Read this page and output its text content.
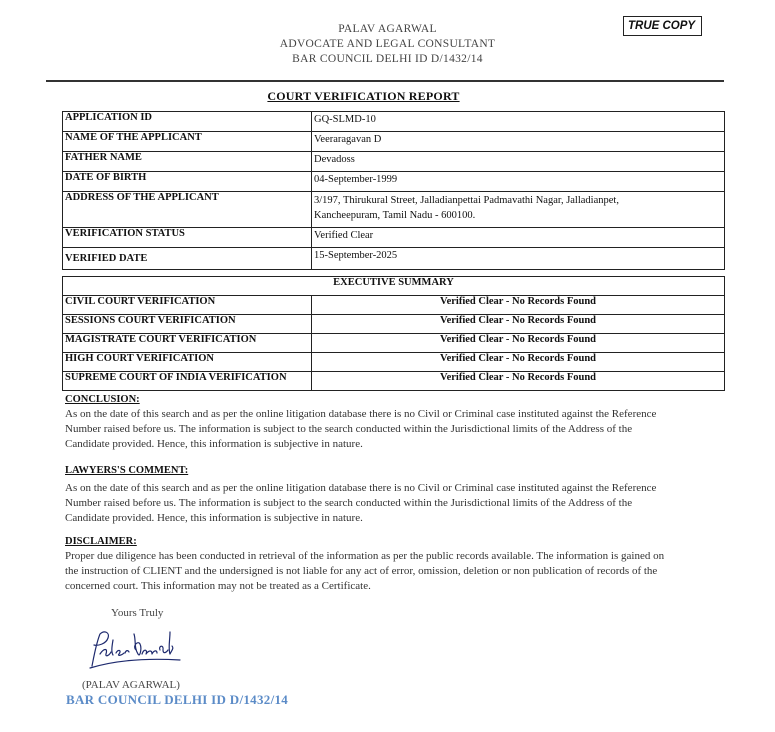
PALAV AGARWAL
ADVOCATE AND LEGAL CONSULTANT
BAR COUNCIL DELHI ID D/1432/14
TRUE COPY
COURT VERIFICATION REPORT
APPLICATION ID	GQ-SLMD-10
NAME OF THE APPLICANT	Veeraragavan D
FATHER NAME	Devadoss
DATE OF BIRTH	04-September-1999
ADDRESS OF THE APPLICANT	3/197, Thirukural Street, Jalladianpettai Padmavathi Nagar, Jalladianpet,
Kancheepuram, Tamil Nadu - 600100.

VERIFICATION STATUS	Verified Clear
VERIFIED DATE	15-September-2025
EXECUTIVE SUMMARY	
CIVIL COURT VERIFICATION	Verified Clear - No Records Found
SESSIONS COURT VERIFICATION	Verified Clear - No Records Found
MAGISTRATE COURT VERIFICATION	Verified Clear - No Records Found
HIGH COURT VERIFICATION	Verified Clear - No Records Found
SUPREME COURT OF INDIA VERIFICATION	Verified Clear - No Records Found
CONCLUSION:

As on the date of this search and as per the online litigation database there is no Civil or Criminal case instituted against the Reference

Number raised before us. The information is subject to the search conducted within the Jurisdictional limits of the Address of the

Candidate provided. Hence, this information is subjective in nature.

LAWYERS'S COMMENT:

As on the date of this search and as per the online litigation database there is no Civil or Criminal case instituted against the Reference

Number raised before us. The information is subject to the search conducted within the Jurisdictional limits of the Address of the

Candidate provided. Hence, this information is subjective in nature.

DISCLAIMER:

Proper due diligence has been conducted in retrieval of the information as per the public records available. The information is gained on

the instruction of CLIENT and the undersigned is not liable for any act of error, omission, deletion or non publication of records of the

concerned court. This information may not be treated as a Certificate.

Yours Truly
(PALAV AGARWAL)
BAR COUNCIL DELHI ID D/1432/14
